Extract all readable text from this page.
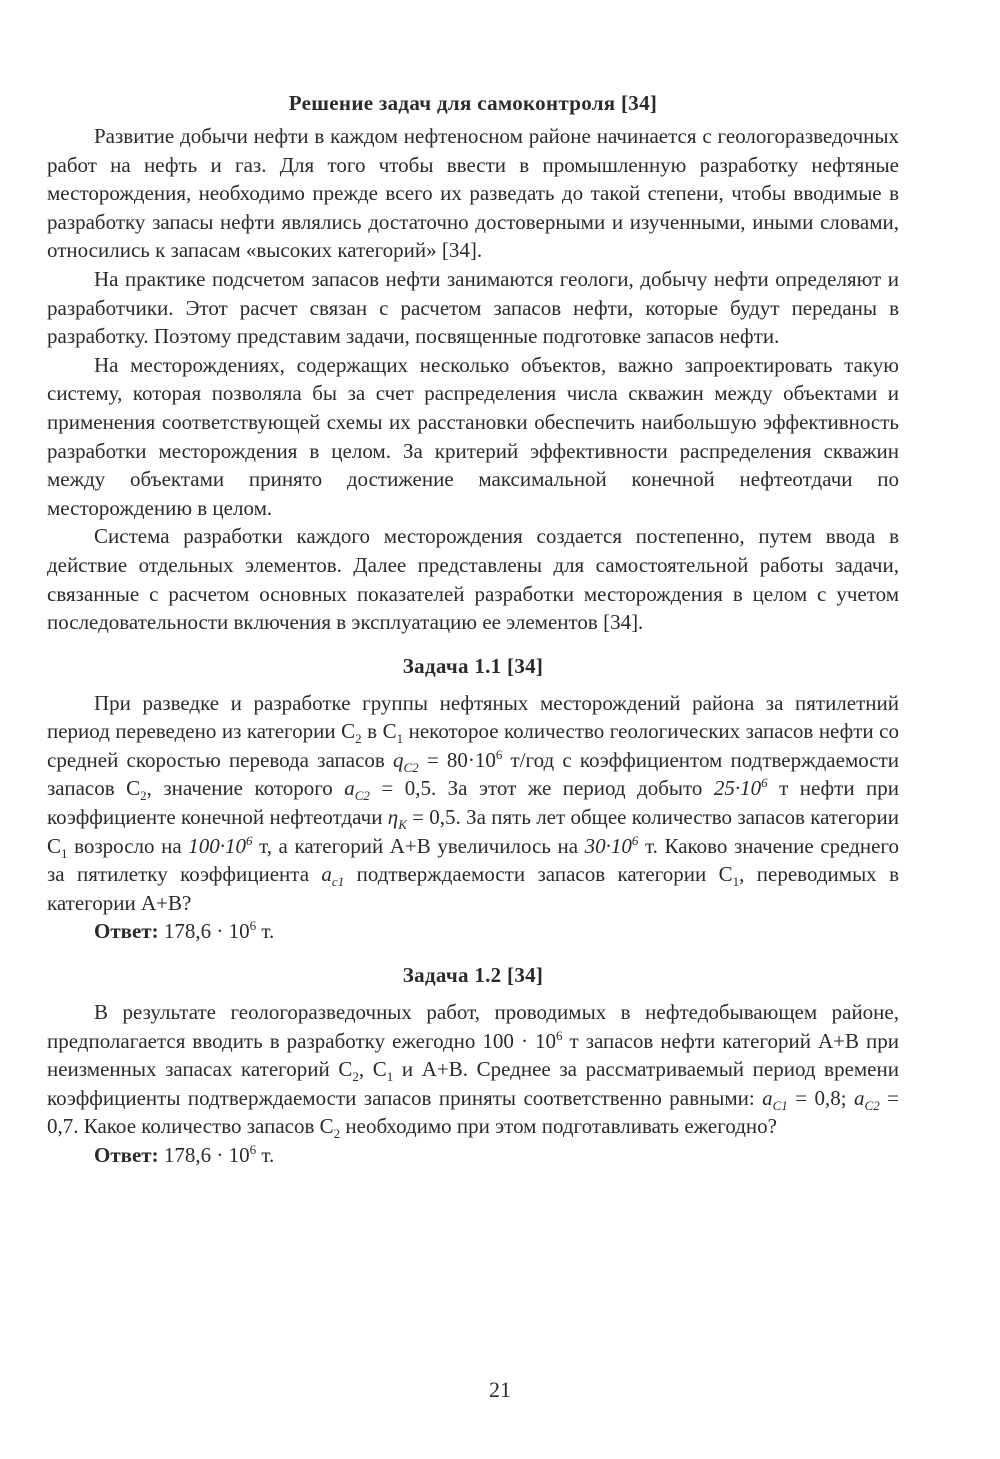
Решение задач для самоконтроля [34]

Развитие добычи нефти в каждом нефтеносном районе начинается с геологоразведочных работ на нефть и газ. Для того чтобы ввести в промышленную разработку нефтяные месторождения, необходимо прежде всего их разведать до такой степени, чтобы вводимые в разработку запасы нефти являлись достаточно достоверными и изученными, иными словами, относились к запасам «высоких категорий» [34].

На практике подсчетом запасов нефти занимаются геологи, добычу нефти определяют и разработчики. Этот расчет связан с расчетом запасов нефти, которые будут переданы в разработку. Поэтому представим задачи, посвященные подготовке запасов нефти.

На месторождениях, содержащих несколько объектов, важно запроектировать такую систему, которая позволяла бы за счет распределения числа скважин между объектами и применения соответствующей схемы их расстановки обеспечить наибольшую эффективность разработки месторождения в целом. За критерий эффективности распределения скважин между объектами принято достижение максимальной конечной нефтеотдачи по месторождению в целом.

Система разработки каждого месторождения создается постепенно, путем ввода в действие отдельных элементов. Далее представлены для самостоятельной работы задачи, связанные с расчетом основных показателей разработки месторождения в целом с учетом последовательности включения в эксплуатацию ее элементов [34].

Задача 1.1 [34]

При разведке и разработке группы нефтяных месторождений района за пятилетний период переведено из категории $С_2$ в $С_1$ некоторое количество геологических запасов нефти со средней скоростью перевода запасов $q_{C2} = 80\cdot 10^6$ т/год с коэффициентом подтверждаемости запасов $С_2$, значение которого $a_{C2} = 0,5$. За этот же период добыто $25\cdot 10^6$ т нефти при коэффициенте конечной нефтеотдачи $\eta_K = 0,5$. За пять лет общее количество запасов категории $С_1$ возросло на $100\cdot 10^6$ т, а категорий А+В увеличилось на $30\cdot 10^6$ т. Каково значение среднего за пятилетку коэффициента $a_{c1}$ подтверждаемости запасов категории $С_1$, переводимых в категории А+В?

Ответ: $178,6 \cdot 10^6$ т.

Задача 1.2 [34]

В результате геологоразведочных работ, проводимых в нефтедобывающем районе, предполагается вводить в разработку ежегодно $100 \cdot 10^6$ т запасов нефти категорий А+В при неизменных запасах категорий $С_2$, $С_1$ и А+В. Среднее за рассматриваемый период времени коэффициенты подтверждаемости запасов приняты соответственно равными: $a_{C1} = 0,8$; $a_{C2} = 0,7$. Какое количество запасов $С_2$ необходимо при этом подготавливать ежегодно?

Ответ: $178,6 \cdot 10^6$ т.

21
